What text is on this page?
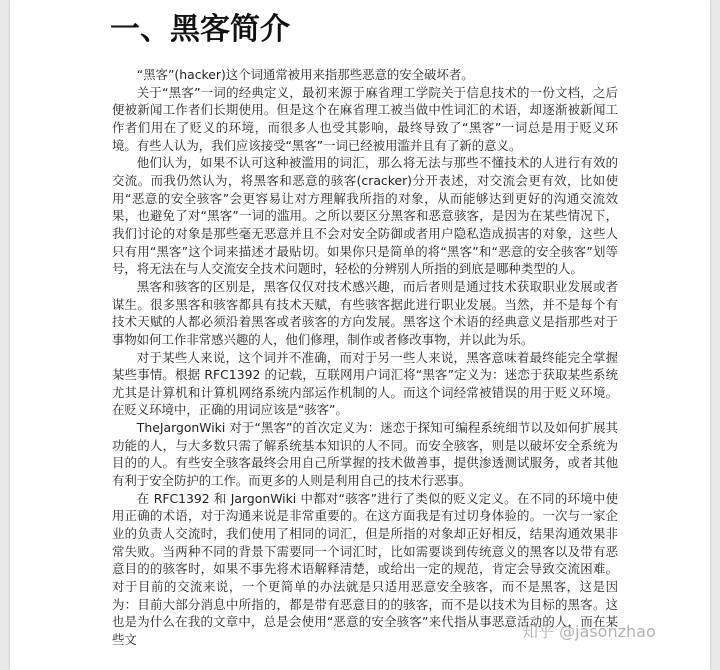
一、黑客简介

“黑客”(hacker)这个词通常被用来指那些恶意的安全破坏者。

关于“黑客”一词的经典定义，最初来源于麻省理工学院关于信息技术的一份文档，之后便被新闻工作者们长期使用。但是这个在麻省理工被当做中性词汇的术语，却逐渐被新闻工作者们用在了贬义的环境，而很多人也受其影响，最终导致了“黑客”一词总是用于贬义环境。有些人认为，我们应该接受“黑客”一词已经被用滥并且有了新的意义。

他们认为，如果不认可这种被滥用的词汇，那么将无法与那些不懂技术的人进行有效的交流。而我仍然认为，将黑客和恶意的骇客(cracker)分开表述，对交流会更有效，比如使用“恶意的安全骇客”会更容易让对方理解我所指的对象，从而能够达到更好的沟通交流效果，也避免了对“黑客”一词的滥用。之所以要区分黑客和恶意骇客，是因为在某些情况下，我们讨论的对象是那些毫无恶意并且不会对安全防御或者用户隐私造成损害的对象，这些人只有用“黑客”这个词来描述才最贴切。如果你只是简单的将“黑客”和“恶意的安全骇客”划等号，将无法在与人交流安全技术问题时，轻松的分辨别人所指的到底是哪种类型的人。

黑客和骇客的区别是，黑客仅仅对技术感兴趣，而后者则是通过技术获取职业发展或者谋生。很多黑客和骇客都具有技术天赋，有些骇客据此进行职业发展。当然，并不是每个有技术天赋的人都必须沿着黑客或者骇客的方向发展。黑客这个术语的经典意义是指那些对于事物如何工作非常感兴趣的人，他们修理，制作或者修改事物，并以此为乐。

对于某些人来说，这个词并不准确，而对于另一些人来说，黑客意味着最终能完全掌握某些事情。根据 RFC1392 的记载，互联网用户词汇将“黑客”定义为：迷恋于获取某些系统尤其是计算机和计算机网络系统内部运作机制的人。而这个词经常被错误的用于贬义环境。在贬义环境中，正确的用词应该是“骇客”。

TheJargonWiki 对于“黑客”的首次定义为：迷恋于探知可编程系统细节以及如何扩展其功能的人，与大多数只需了解系统基本知识的人不同。而安全骇客，则是以破坏安全系统为目的的人。有些安全骇客最终会用自己所掌握的技术做善事，提供渗透测试服务，或者其他有利于安全防护的工作。而更多的人则是利用自己的技术行恶事。

在 RFC1392 和 JargonWiki 中都对“骇客”进行了类似的贬义定义。在不同的环境中使用正确的术语，对于沟通来说是非常重要的。在这方面我是有过切身体验的。一次与一家企业的负责人交流时，我们使用了相同的词汇，但是所指的对象却正好相反，结果沟通效果非常失败。当两种不同的背景下需要同一个词汇时，比如需要谈到传统意义的黑客以及带有恶意目的的骇客时，如果不事先将术语解释清楚，或给出一定的规范，肯定会导致交流困难。对于目前的交流来说，一个更简单的办法就是只适用恶意安全骇客，而不是黑客，这是因为：目前大部分消息中所指的，都是带有恶意目的的骇客，而不是以技术为目标的黑客。这也是为什么在我的文章中，总是会使用“恶意的安全骇客”来代指从事恶意活动的人，而在某些文	知乎 @jasonzhao
